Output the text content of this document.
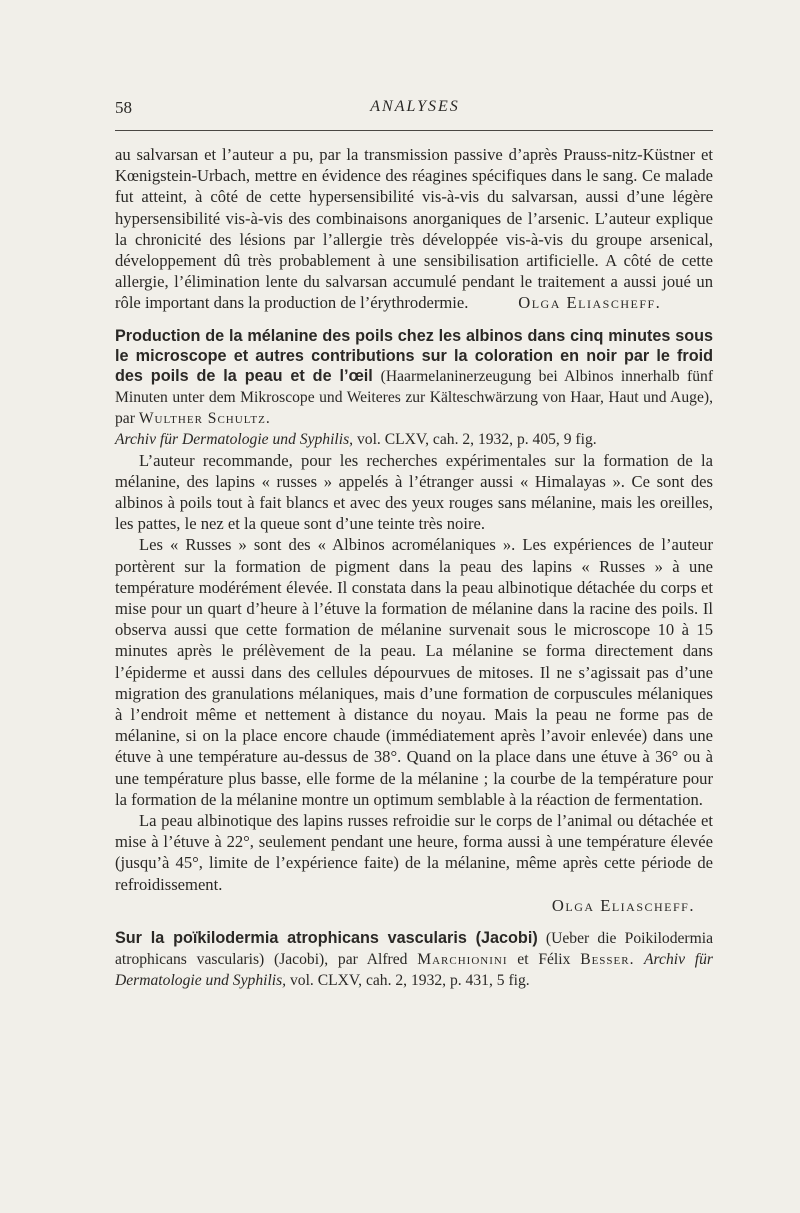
58	ANALYSES

au salvarsan et l’auteur a pu, par la transmission passive d’après Prauss-nitz-Küstner et Kœnigstein-Urbach, mettre en évidence des réagines spécifiques dans le sang. Ce malade fut atteint, à côté de cette hypersensibilité vis-à-vis du salvarsan, aussi d’une légère hypersensibilité vis-à-vis des combinaisons anorganiques de l’arsenic. L’auteur explique la chronicité des lésions par l’allergie très développée vis-à-vis du groupe arsenical, développement dû très probablement à une sensibilisation artificielle. A côté de cette allergie, l’élimination lente du salvarsan accumulé pendant le traitement a aussi joué un rôle important dans la production de l’érythrodermie.	Olga Eliascheff.

Production de la mélanine des poils chez les albinos dans cinq minutes sous le microscope et autres contributions sur la coloration en noir par le froid des poils de la peau et de l’œil (Haarmelaninerzeugung bei Albinos innerhalb fünf Minuten unter dem Mikroscope und Weiteres zur Kälteschwärzung von Haar, Haut und Auge), par Wulther Schultz.

Archiv für Dermatologie und Syphilis, vol. CLXV, cah. 2, 1932, p. 405, 9 fig.

L’auteur recommande, pour les recherches expérimentales sur la formation de la mélanine, des lapins « russes » appelés à l’étranger aussi « Himalayas ». Ce sont des albinos à poils tout à fait blancs et avec des yeux rouges sans mélanine, mais les oreilles, les pattes, le nez et la queue sont d’une teinte très noire.

Les « Russes » sont des « Albinos acromélaniques ». Les expériences de l’auteur portèrent sur la formation de pigment dans la peau des lapins « Russes » à une température modérément élevée. Il constata dans la peau albinotique détachée du corps et mise pour un quart d’heure à l’étuve la formation de mélanine dans la racine des poils. Il observa aussi que cette formation de mélanine survenait sous le microscope 10 à 15 minutes après le prélèvement de la peau. La mélanine se forma directement dans l’épiderme et aussi dans des cellules dépourvues de mitoses. Il ne s’agissait pas d’une migration des granulations mélaniques, mais d’une formation de corpuscules mélaniques à l’endroit même et nettement à distance du noyau. Mais la peau ne forme pas de mélanine, si on la place encore chaude (immédiatement après l’avoir enlevée) dans une étuve à une température au-dessus de 38°. Quand on la place dans une étuve à 36° ou à une température plus basse, elle forme de la mélanine ; la courbe de la température pour la formation de la mélanine montre un optimum semblable à la réaction de fermentation.

La peau albinotique des lapins russes refroidie sur le corps de l’animal ou détachée et mise à l’étuve à 22°, seulement pendant une heure, forma aussi à une température élevée (jusqu’à 45°, limite de l’expérience faite) de la mélanine, même après cette période de refroidissement.

Olga Eliascheff.

Sur la poïkilodermia atrophicans vascularis (Jacobi) (Ueber die Poikilodermia atrophicans vascularis) (Jacobi), par Alfred Marchionini et Félix Besser. Archiv für Dermatologie und Syphilis, vol. CLXV, cah. 2, 1932, p. 431, 5 fig.
